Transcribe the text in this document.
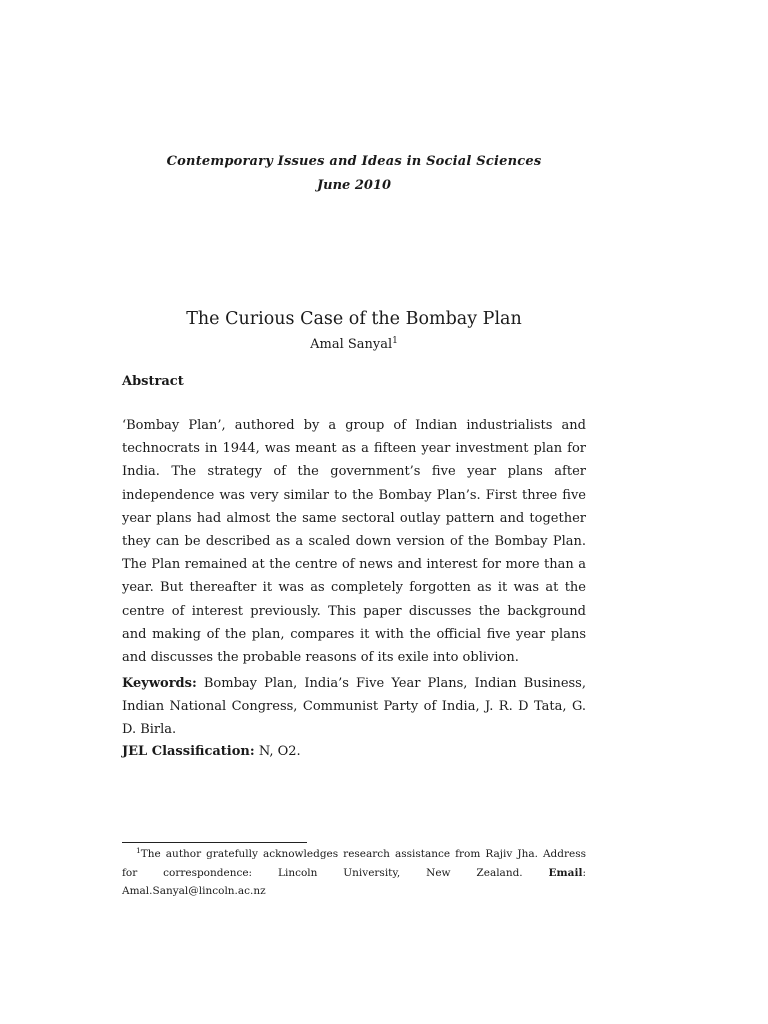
Contemporary Issues and Ideas in Social Sciences
June 2010
The Curious Case of the Bombay Plan
Amal Sanyal$^1$
Abstract

‘Bombay Plan’, authored by a group of Indian industrialists and technocrats in 1944, was meant as a fifteen year investment plan for India. The strategy of the government’s five year plans after independence was very similar to the Bombay Plan’s. First three five year plans had almost the same sectoral outlay pattern and together they can be described as a scaled down version of the Bombay Plan. The Plan remained at the centre of news and interest for more than a year. But thereafter it was as completely forgotten as it was at the centre of interest previously. This paper discusses the background and making of the plan, compares it with the official five year plans and discusses the probable reasons of its exile into oblivion.

Keywords: Bombay Plan, India’s Five Year Plans, Indian Business, Indian National Congress, Communist Party of India, J. R. D Tata, G. D. Birla.

JEL Classification: N, O2.

$^1$The author gratefully acknowledges research assistance from Rajiv Jha. Address for correspondence: Lincoln University, New Zealand. Email: Amal.Sanyal@lincoln.ac.nz
